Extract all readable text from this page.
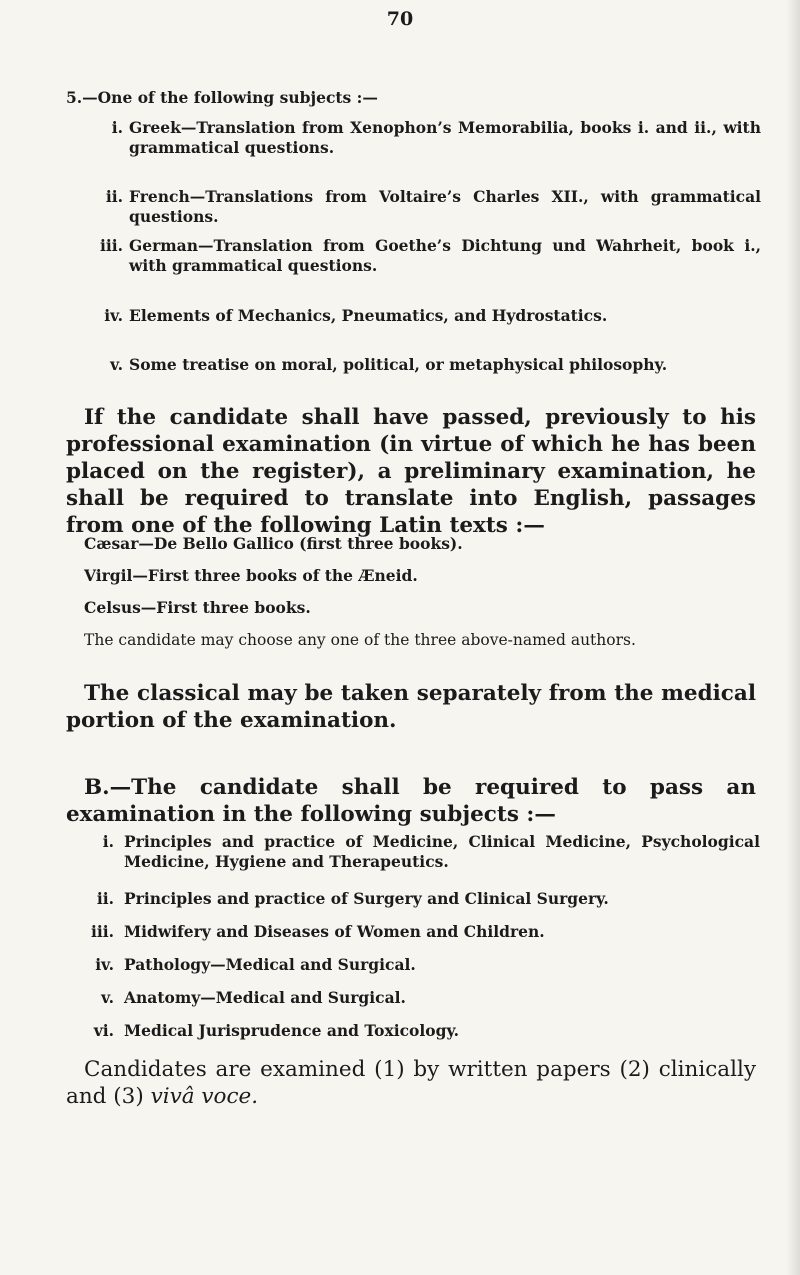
70
5.—One of the following subjects :—
i. Greek—Translation from Xenophon’s Memorabilia, books i. and ii., with grammatical questions.
ii. French—Translations from Voltaire’s Charles XII., with grammatical questions.
iii. German—Translation from Goethe’s Dichtung und Wahrheit, book i., with grammatical questions.
iv. Elements of Mechanics, Pneumatics, and Hydrostatics.
v. Some treatise on moral, political, or metaphysical philosophy.
If the candidate shall have passed, previously to his professional examination (in virtue of which he has been placed on the register), a preliminary examination, he shall be required to translate into English, passages from one of the following Latin texts :—
Cæsar—De Bello Gallico (first three books).
Virgil—First three books of the Æneid.
Celsus—First three books.
The candidate may choose any one of the three above-named authors.
The classical may be taken separately from the medical portion of the examination.
B.—The candidate shall be required to pass an examination in the following subjects :—
i. Principles and practice of Medicine, Clinical Medicine, Psychological Medicine, Hygiene and Therapeutics.
ii. Principles and practice of Surgery and Clinical Surgery.
iii. Midwifery and Diseases of Women and Children.
iv. Pathology—Medical and Surgical.
v. Anatomy—Medical and Surgical.
vi. Medical Jurisprudence and Toxicology.
Candidates are examined (1) by written papers (2) clinically and (3) vivâ voce.
